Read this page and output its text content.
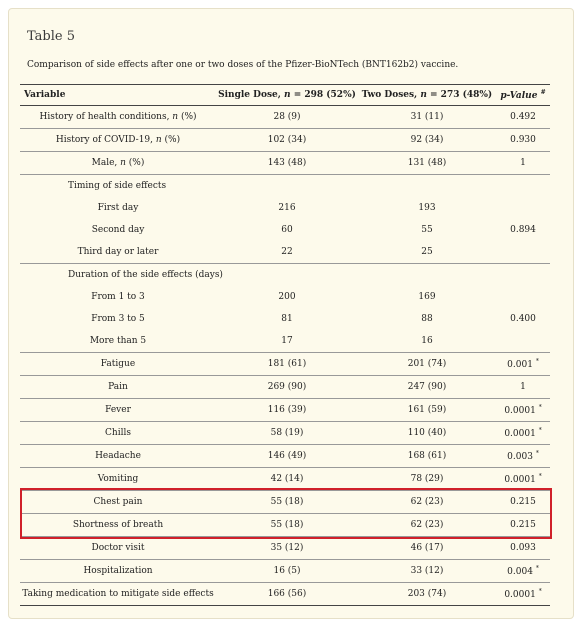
Table 5
Comparison of side effects after one or two doses of the Pfizer-BioNTech (BNT162b2) vaccine.
Variable	Single Dose, n = 298 (52%)	Two Doses, n = 273 (48%)	p-Value #
History of health conditions, n (%)	28 (9)	31 (11)	0.492
History of COVID-19, n (%)	102 (34)	92 (34)	0.930
Male, n (%)	143 (48)	131 (48)	1
Timing of side effects			
First day	216	193	0.894
Second day	60	55	
Third day or later	22	25	
Duration of the side effects (days)			
From 1 to 3	200	169	0.400
From 3 to 5	81	88	
More than 5	17	16	
Fatigue	181 (61)	201 (74)	0.001 *
Pain	269 (90)	247 (90)	1
Fever	116 (39)	161 (59)	0.0001 *
Chills	58 (19)	110 (40)	0.0001 *
Headache	146 (49)	168 (61)	0.003 *
Vomiting	42 (14)	78 (29)	0.0001 *
Chest pain	55 (18)	62 (23)	0.215
Shortness of breath	55 (18)	62 (23)	0.215
Doctor visit	35 (12)	46 (17)	0.093
Hospitalization	16 (5)	33 (12)	0.004 *
Taking medication to mitigate side effects	166 (56)	203 (74)	0.0001 *
